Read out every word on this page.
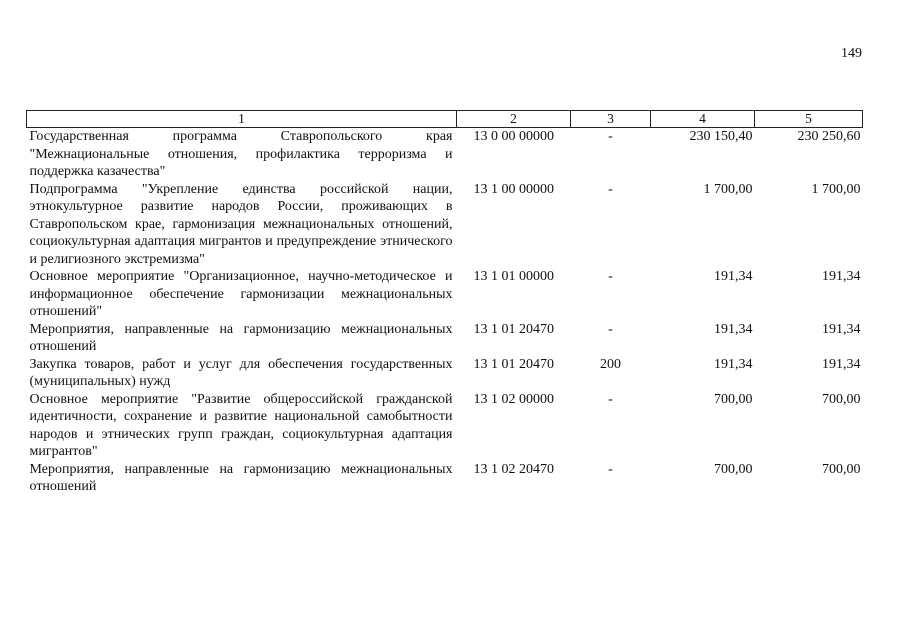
149
1	2	3	4	5
Государственная программа Ставропольского края "Межнациональные отношения, профилактика терроризма и поддержка казачества"	13 0 00 00000	-	230 150,40	230 250,60
Подпрограмма "Укрепление единства российской нации, этнокультурное развитие народов России, проживающих в Ставропольском крае, гармонизация межнациональных отношений, социокультурная адаптация мигрантов и предупреждение этнического и религиозного экстремизма"	13 1 00 00000	-	1 700,00	1 700,00
Основное мероприятие "Организационное, научно-методическое и информационное обеспечение гармонизации межнациональных отношений"	13 1 01 00000	-	191,34	191,34
Мероприятия, направленные на гармонизацию межнациональных отношений	13 1 01 20470	-	191,34	191,34
Закупка товаров, работ и услуг для обеспечения государственных (муниципальных) нужд	13 1 01 20470	200	191,34	191,34
Основное мероприятие "Развитие общероссийской гражданской идентичности, сохранение и развитие национальной самобытности народов и этнических групп граждан, социокультурная адаптация мигрантов"	13 1 02 00000	-	700,00	700,00
Мероприятия, направленные на гармонизацию межнациональных отношений	13 1 02 20470	-	700,00	700,00
